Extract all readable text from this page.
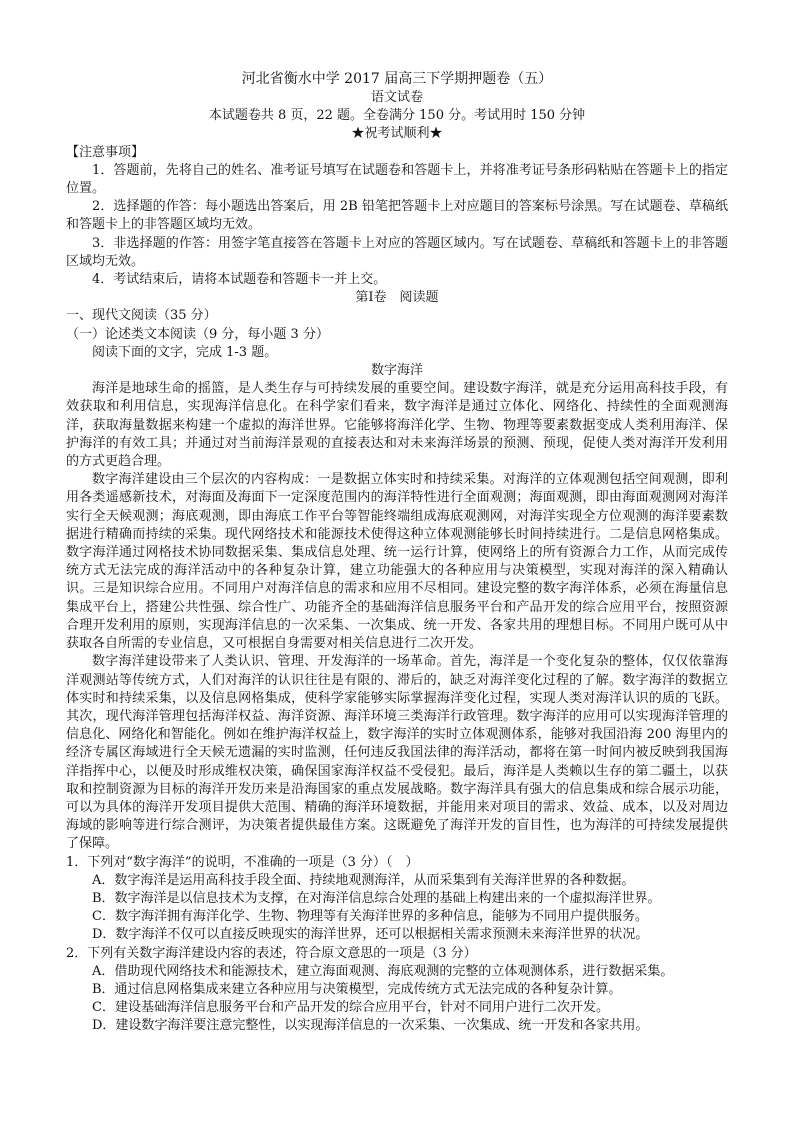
河北省衡水中学 2017 届高三下学期押题卷（五）
语文试卷
本试题卷共 8 页，22 题。全卷满分 150 分。考试用时 150 分钟
★祝考试顺利★
【注意事项】

1．答题前，先将自己的姓名、准考证号填写在试题卷和答题卡上，并将准考证号条形码粘贴在答题卡上的指定位置。

2．选择题的作答：每小题选出答案后，用 2B 铅笔把答题卡上对应题目的答案标号涂黑。写在试题卷、草稿纸和答题卡上的非答题区域均无效。

3．非选择题的作答：用签字笔直接答在答题卡上对应的答题区域内。写在试题卷、草稿纸和答题卡上的非答题区域均无效。

4．考试结束后，请将本试题卷和答题卡一并上交。

第Ⅰ卷　阅读题
一、现代文阅读（35 分）
（一）论述类文本阅读（9 分，每小题 3 分）

阅读下面的文字，完成 1-3 题。

数字海洋

海洋是地球生命的摇篮，是人类生存与可持续发展的重要空间。建设数字海洋，就是充分运用高科技手段，有效获取和利用信息，实现海洋信息化。在科学家们看来，数字海洋是通过立体化、网络化、持续性的全面观测海洋，获取海量数据来构建一个虚拟的海洋世界。它能够将海洋化学、生物、物理等要素数据变成人类利用海洋、保护海洋的有效工具；并通过对当前海洋景观的直接表达和对未来海洋场景的预测、预现，促使人类对海洋开发利用的方式更趋合理。

数字海洋建设由三个层次的内容构成：一是数据立体实时和持续采集。对海洋的立体观测包括空间观测，即利用各类遥感新技术，对海面及海面下一定深度范围内的海洋特性进行全面观测；海面观测，即由海面观测网对海洋实行全天候观测；海底观测，即由海底工作平台等智能终端组成海底观测网，对海洋实现全方位观测的海洋要素数据进行精确而持续的采集。现代网络技术和能源技术使得这种立体观测能够长时间持续进行。二是信息网格集成。数字海洋通过网格技术协同数据采集、集成信息处理、统一运行计算，使网络上的所有资源合力工作，从而完成传统方式无法完成的海洋活动中的各种复杂计算，建立功能强大的各种应用与决策模型，实现对海洋的深入精确认识。三是知识综合应用。不同用户对海洋信息的需求和应用不尽相同。建设完整的数字海洋体系，必须在海量信息集成平台上，搭建公共性强、综合性广、功能齐全的基础海洋信息服务平台和产品开发的综合应用平台，按照资源合理开发利用的原则，实现海洋信息的一次采集、一次集成、统一开发、各家共用的理想目标。不同用户既可从中获取各自所需的专业信息，又可根据自身需要对相关信息进行二次开发。

数字海洋建设带来了人类认识、管理、开发海洋的一场革命。首先，海洋是一个变化复杂的整体，仅仅依靠海洋观测站等传统方式，人们对海洋的认识往往是有限的、滞后的，缺乏对海洋变化过程的了解。数字海洋的数据立体实时和持续采集，以及信息网格集成，使科学家能够实际掌握海洋变化过程，实现人类对海洋认识的质的飞跃。其次，现代海洋管理包括海洋权益、海洋资源、海洋环境三类海洋行政管理。数字海洋的应用可以实现海洋管理的信息化、网络化和智能化。例如在维护海洋权益上，数字海洋的实时立体观测体系，能够对我国沿海 200 海里内的经济专属区海域进行全天候无遗漏的实时监测，任何违反我国法律的海洋活动，都将在第一时间内被反映到我国海洋指挥中心，以便及时形成维权决策，确保国家海洋权益不受侵犯。最后，海洋是人类赖以生存的第二疆土，以获取和控制资源为目标的海洋开发历来是沿海国家的重点发展战略。数字海洋具有强大的信息集成和综合展示功能，可以为具体的海洋开发项目提供大范围、精确的海洋环境数据，并能用来对项目的需求、效益、成本，以及对周边海域的影响等进行综合测评，为决策者提供最佳方案。这既避免了海洋开发的盲目性，也为海洋的可持续发展提供了保障。

1．下列对“数字海洋”的说明，不准确的一项是（3 分）（　）
A．数字海洋是运用高科技手段全面、持续地观测海洋，从而采集到有关海洋世界的各种数据。
B．数字海洋是以信息技术为支撑，在对海洋信息综合处理的基础上构建出来的一个虚拟海洋世界。
C．数字海洋拥有海洋化学、生物、物理等有关海洋世界的多种信息，能够为不同用户提供服务。
D．数字海洋不仅可以直接反映现实的海洋世界，还可以根据相关需求预测未来海洋世界的状况。
2．下列有关数字海洋建设内容的表述，符合原文意思的一项是（3 分）
A．借助现代网络技术和能源技术，建立海面观测、海底观测的完整的立体观测体系，进行数据采集。
B．通过信息网格集成来建立各种应用与决策模型，完成传统方式无法完成的各种复杂计算。
C．建设基础海洋信息服务平台和产品开发的综合应用平台，针对不同用户进行二次开发。
D．建设数字海洋要注意完整性，以实现海洋信息的一次采集、一次集成、统一开发和各家共用。
